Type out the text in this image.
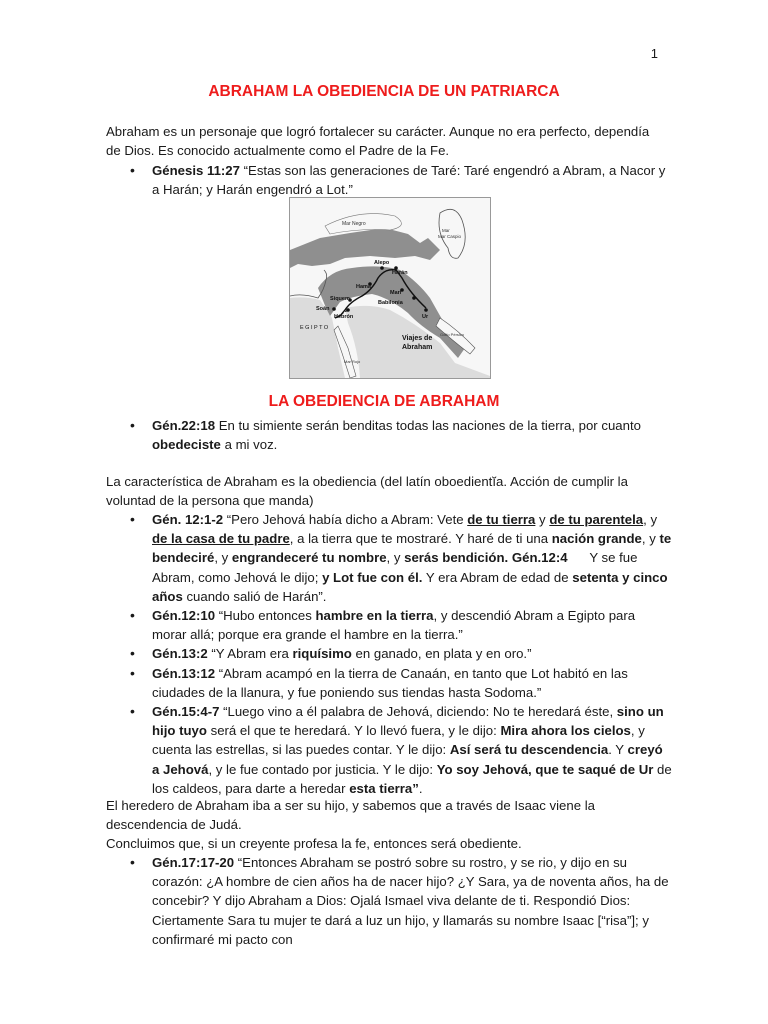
1
ABRAHAM LA OBEDIENCIA DE UN PATRIARCA

Abraham es un personaje que logró fortalecer su carácter. Aunque no era perfecto, dependía de Dios. Es conocido actualmente como el Padre de la Fe.

• Génesis 11:27 “Estas son las generaciones de Taré: Taré engendró a Abram, a Nacor y a Harán; y Harán engendró a Lot.”
Mar Negro
Mar
Mar Caspio
Alepo
Harán
Hama
Mari
Babilonia
Siquem
Soán
Hebrón	Ur
EGIPTO
Golfo Pérsico
Mar Rojo
Viajes de
Abraham
LA OBEDIENCIA DE ABRAHAM
• Gén.22:18 En tu simiente serán benditas todas las naciones de la tierra, por cuanto obedeciste a mi voz.

La característica de Abraham es la obediencia (del latín oboedientĭa. Acción de cumplir la voluntad de la persona que manda)

• Gén. 12:1-2 “Pero Jehová había dicho a Abram: Vete de tu tierra y de tu parentela, y de la casa de tu padre, a la tierra que te mostraré. Y haré de ti una nación grande, y te bendeciré, y engrandeceré tu nombre, y serás bendición. Gén.12:4      Y se fue Abram, como Jehová le dijo; y Lot fue con él. Y era Abram de edad de setenta y cinco años cuando salió de Harán”.
• Gén.12:10 “Hubo entonces hambre en la tierra, y descendió Abram a Egipto para morar allá; porque era grande el hambre en la tierra.”
• Gén.13:2 “Y Abram era riquísimo en ganado, en plata y en oro.”
• Gén.13:12 “Abram acampó en la tierra de Canaán, en tanto que Lot habitó en las ciudades de la llanura, y fue poniendo sus tiendas hasta Sodoma.”
• Gén.15:4-7 “Luego vino a él palabra de Jehová, diciendo: No te heredará éste, sino un hijo tuyo será el que te heredará. Y lo llevó fuera, y le dijo: Mira ahora los cielos, y cuenta las estrellas, si las puedes contar. Y le dijo: Así será tu descendencia. Y creyó a Jehová, y le fue contado por justicia. Y le dijo: Yo soy Jehová, que te saqué de Ur de los caldeos, para darte a heredar esta tierra”.

El heredero de Abraham iba a ser su hijo, y sabemos que a través de Isaac viene la descendencia de Judá.

Concluimos que, si un creyente profesa la fe, entonces será obediente.

• Gén.17:17-20 “Entonces Abraham se postró sobre su rostro, y se rio, y dijo en su corazón: ¿A hombre de cien años ha de nacer hijo? ¿Y Sara, ya de noventa años, ha de concebir? Y dijo Abraham a Dios: Ojalá Ismael viva delante de ti. Respondió Dios: Ciertamente Sara tu mujer te dará a luz un hijo, y llamarás su nombre Isaac [“risa”]; y confirmaré mi pacto con
